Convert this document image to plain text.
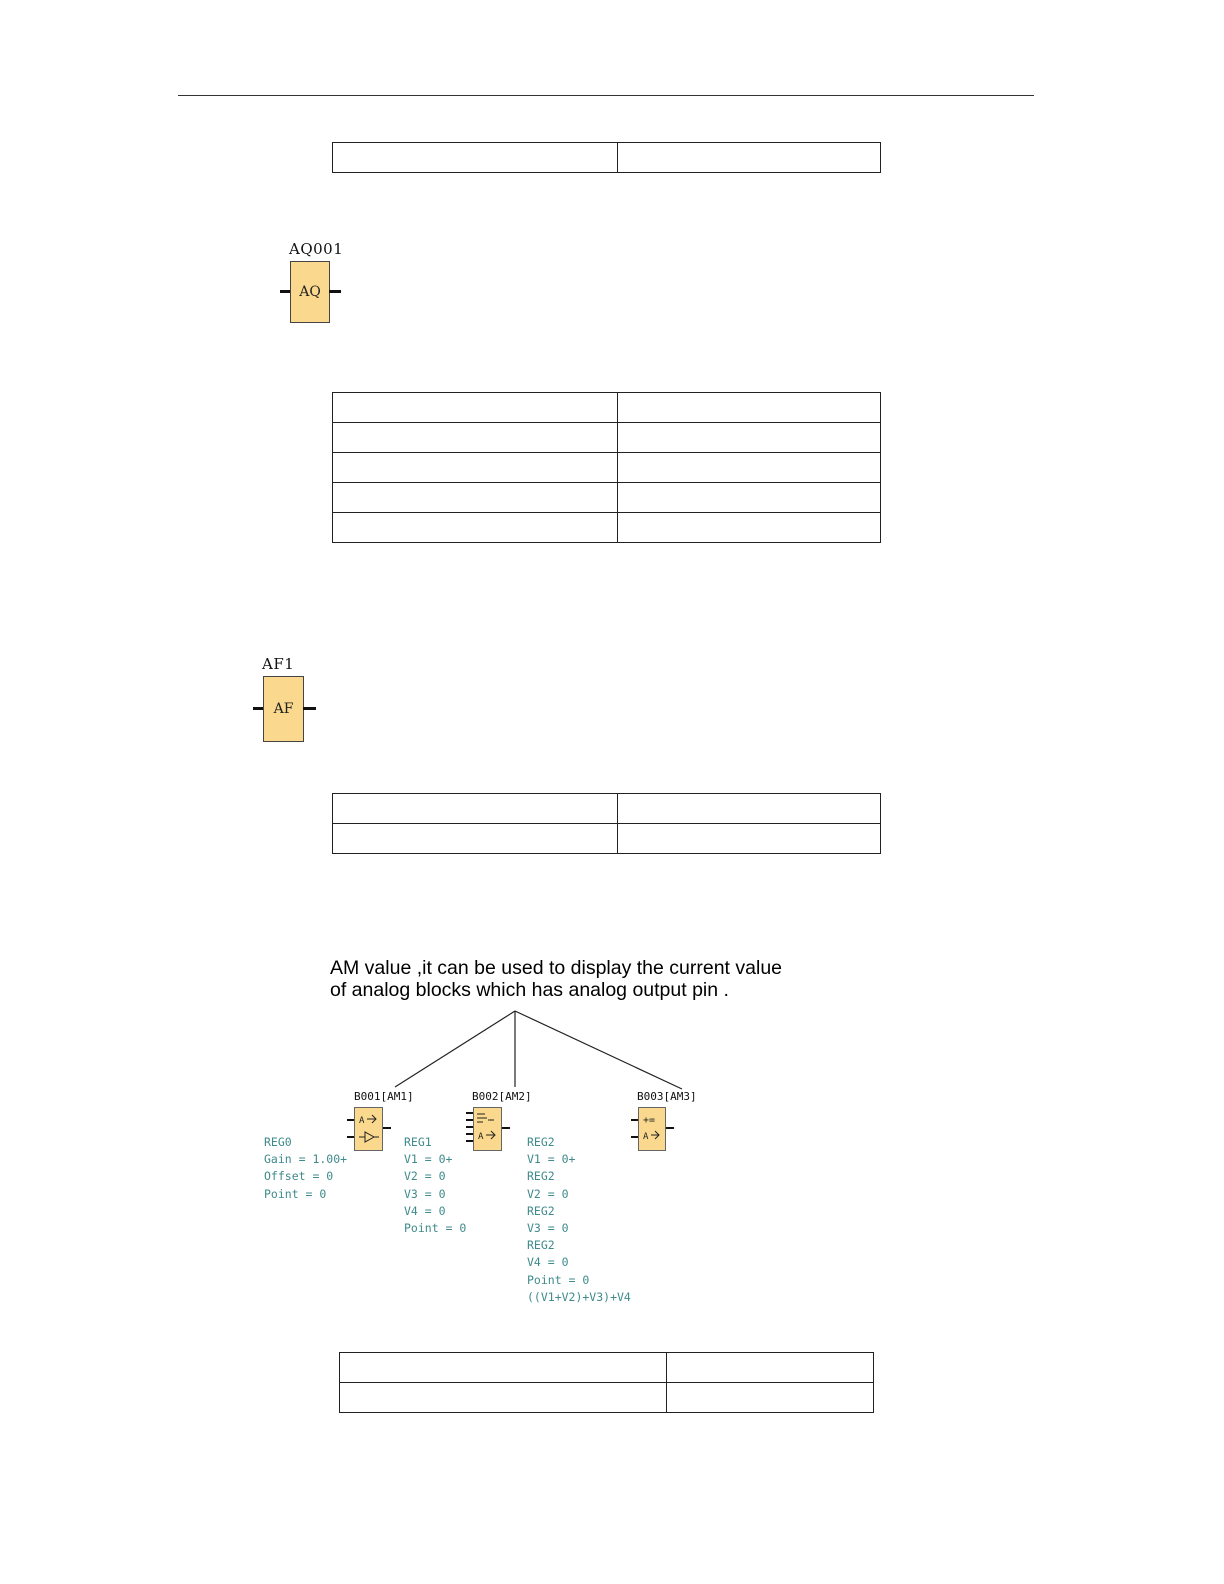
AQ001
AQ

AF1
AF

AM value ,it can be used to display the current value
of analog blocks which has analog output pin .
B001[AM1]
A
REG0
Gain = 1.00+
Offset = 0
Point = 0
B002[AM2]
A
REG1
V1 = 0+
V2 = 0
V3 = 0
V4 = 0
Point = 0
B003[AM3]
+=
A
REG2
V1 = 0+
REG2
V2 = 0
REG2
V3 = 0
REG2
V4 = 0
Point = 0
((V1+V2)+V3)+V4
